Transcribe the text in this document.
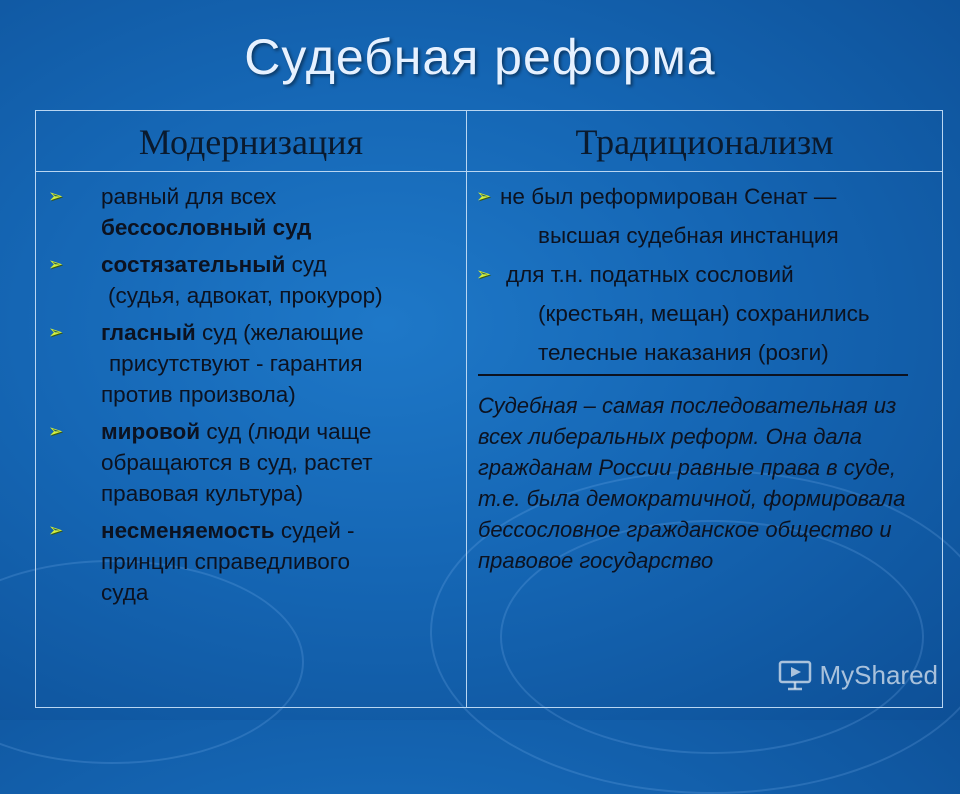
Судебная реформа
Модернизация	Традиционализм
➢ равный для всех
бессословный суд
➢ состязательный суд
(судья, адвокат, прокурор)
➢ гласный суд (желающие
присутствуют - гарантия
против произвола)
➢ мировой суд (люди чаще
обращаются в суд, растет
правовая культура)
➢ несменяемость судей -
принцип справедливого
суда
➢ не был реформирован Сенат —
высшая судебная инстанция
➢ для т.н. податных сословий
(крестьян, мещан) сохранились
телесные наказания (розги)
Судебная – самая последовательная из всех либеральных реформ. Она дала гражданам России равные права в суде, т.е. была демократичной, формировала бессословное гражданское общество и правовое государство
MyShared
